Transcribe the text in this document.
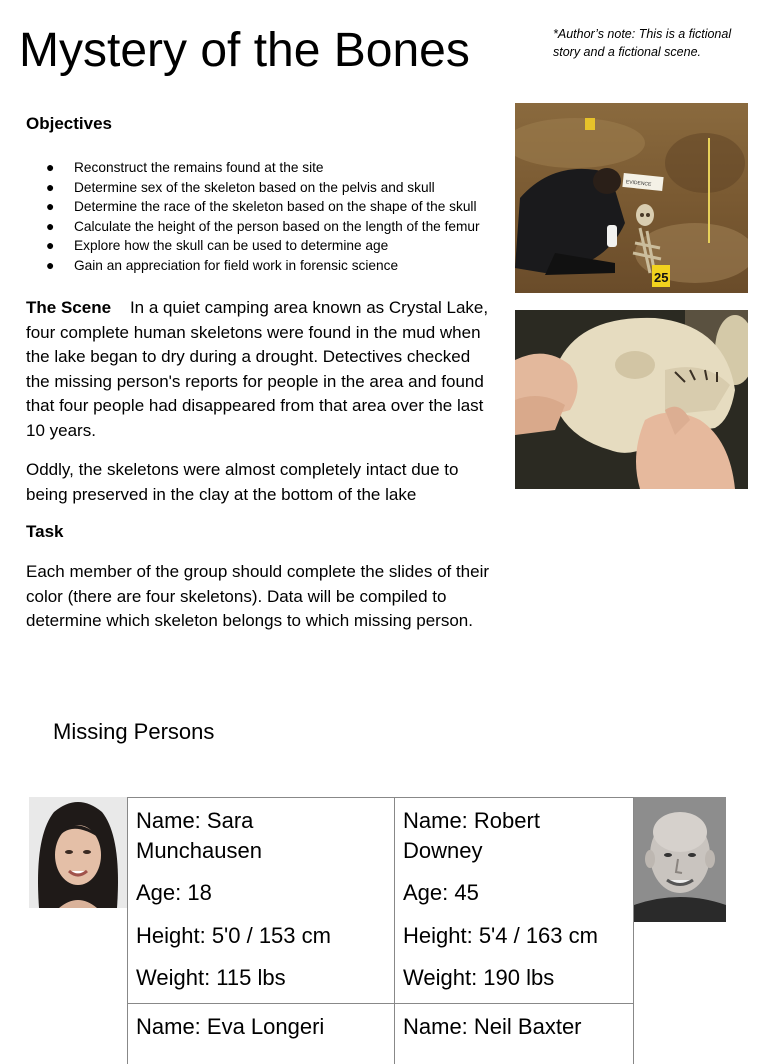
Mystery of the Bones	*Author’s note: This is a fictional story and a fictional scene.
Objectives
● Reconstruct the remains found at the site
● Determine sex of the skeleton based on the pelvis and skull
● Determine the race of the skeleton based on the shape of the skull
● Calculate the height of the person based on the length of the femur
● Explore how the skull can be used to determine age
● Gain an appreciation for field work in forensic science

The Scene In a quiet camping area known as Crystal Lake, four complete human skeletons were found in the mud when the lake began to dry during a drought. Detectives checked the missing person's reports for people in the area and found that four people had disappeared from that area over the last 10 years.

Oddly, the skeletons were almost completely intact due to being preserved in the clay at the bottom of the lake

Task

Each member of the group should complete the slides of their color (there are four skeletons). Data will be compiled to determine which skeleton belongs to which missing person.

Missing Persons
EVIDENCE
25

Name: Sara Munchausen

Age: 18

Height: 5'0 / 153 cm

Weight: 115 lbs

Name: Robert Downey

Age: 45

Height: 5'4 / 163 cm

Weight: 190 lbs

Name: Eva Longeri	Name: Neil Baxter
